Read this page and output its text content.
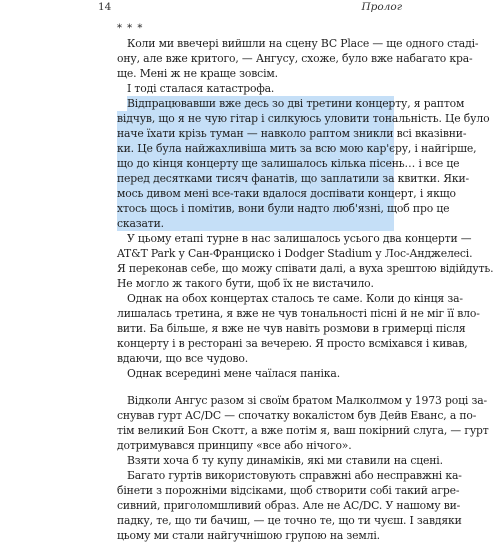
14	Пролог
* * *
Коли ми ввечері вийшли на сцену BC Place — ще одного стаді-
ону, але вже критого, — Ангусу, схоже, було вже набагато кра-
ще. Мені ж не краще зовсім.
І тоді сталася катастрофа.
Відпрацювавши вже десь зо дві третини концерту, я раптом
відчув, що я не чую гітар і силкуюсь уловити тональність. Це було
наче їхати крізь туман — навколо раптом зникли всі вказівни-
ки. Це була найжахливіша мить за всю мою кар'єру, і найгірше,
що до кінця концерту ще залишалось кілька пісень… і все це
перед десятками тисяч фанатів, що заплатили за квитки. Яки-
мось дивом мені все-таки вдалося доспівати концерт, і якщо
хтось щось і помітив, вони були надто люб'язні, щоб про це
сказати.
У цьому етапі турне в нас залишалось усього два концерти —
AT&T Park у Сан-Франциско і Dodger Stadium у Лос-Анджелесі.
Я переконав себе, що можу співати далі, а вуха зрештою відійдуть.
Не могло ж такого бути, щоб їх не вистачило.
Однак на обох концертах сталось те саме. Коли до кінця за-
лишалась третина, я вже не чув тональності пісні й не міг її вло-
вити. Ба більше, я вже не чув навіть розмови в гримерці після
концерту і в ресторані за вечерею. Я просто всміхався і кивав,
вдаючи, що все чудово.
Однак всередині мене чаїлася паніка.
Відколи Ангус разом зі своїм братом Малколмом у 1973 році за-
снував гурт AC/DC — спочатку вокалістом був Дейв Еванс, а по-
тім великий Бон Скотт, а вже потім я, ваш покірний слуга, — гурт
дотримувався принципу «все або нічого».
Взяти хоча б ту купу динаміків, які ми ставили на сцені.
Багато гуртів використовують справжні або несправжні ка-
бінети з порожніми відсіками, щоб створити собі такий агре-
сивний, приголомшливий образ. Але не AC/DC. У нашому ви-
падку, те, що ти бачиш, — це точно те, що ти чуєш. І завдяки
цьому ми стали найгучнішою групою на землі.
